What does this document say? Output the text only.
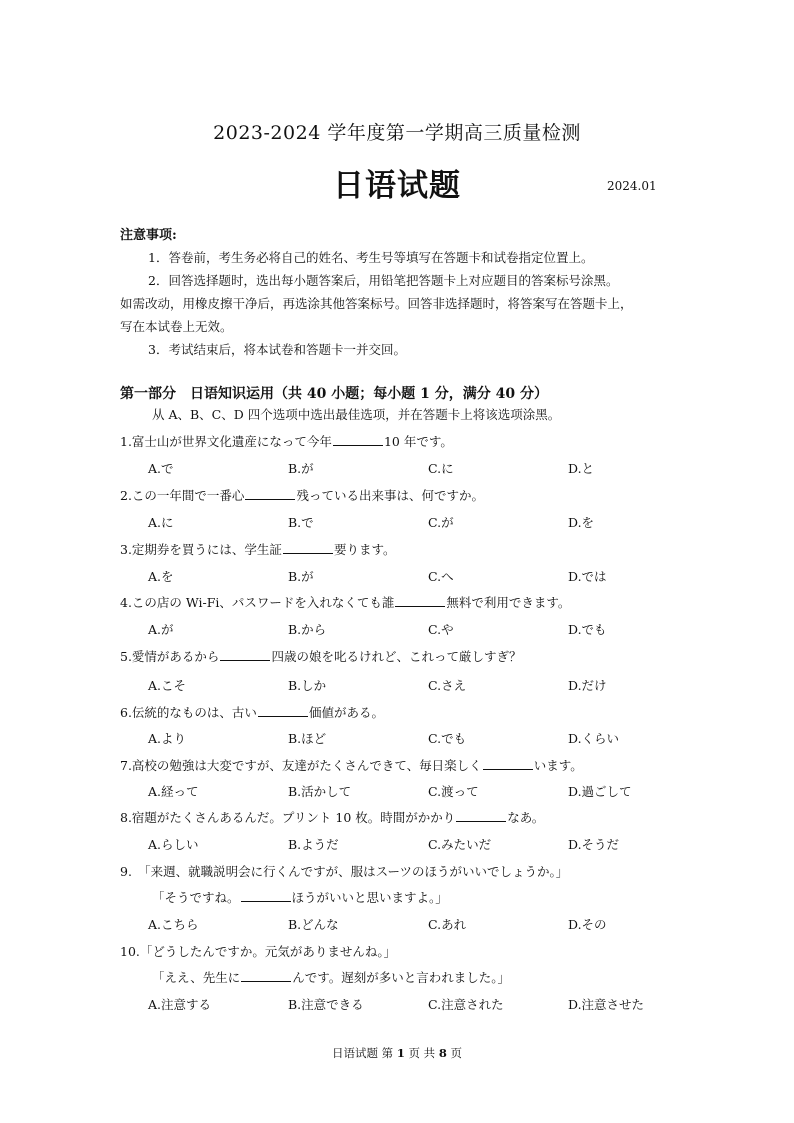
2023-2024 学年度第一学期高三质量检测
日语试题	2024.01
注意事项:
1．答卷前，考生务必将自己的姓名、考生号等填写在答题卡和试卷指定位置上。
2．回答选择题时，选出每小题答案后，用铅笔把答题卡上对应题目的答案标号涂黑。
如需改动，用橡皮擦干净后，再选涂其他答案标号。回答非选择题时，将答案写在答题卡上，
写在本试卷上无效。
3．考试结束后，将本试卷和答题卡一并交回。
第一部分　日语知识运用（共 40 小题；每小题 1 分，满分 40 分）
从 A、B、C、D 四个选项中选出最佳选项，并在答题卡上将该选项涂黑。
1.富士山が世界文化遺産になって今年	10 年です。
A.で	B.が	C.に	D.と
2.この一年間で一番心	残っている出来事は、何ですか。
A.に	B.で	C.が	D.を
3.定期券を買うには、学生証	要ります。
A.を	B.が	C.へ	D.では
4.この店の Wi-Fi、パスワードを入れなくても誰	無料で利用できます。
A.が	B.から	C.や	D.でも
5.愛情があるから	四歳の娘を叱るけれど、これって厳しすぎ？
A.こそ	B.しか	C.さえ	D.だけ
6.伝統的なものは、古い	価値がある。
A.より	B.ほど	C.でも	D.くらい
7.高校の勉強は大変ですが、友達がたくさんできて、毎日楽しく	います。
A.経って	B.活かして	C.渡って	D.過ごして
8.宿題がたくさんあるんだ。プリント 10 枚。時間がかかり	なあ。
A.らしい	B.ようだ	C.みたいだ	D.そうだ
9.　「来週、就職説明会に行くんですが、服はスーツのほうがいいでしょうか。」
「そうですね。	ほうがいいと思いますよ。」
A.こちら	B.どんな	C.あれ	D.その
10.「どうしたんですか。元気がありませんね。」
「ええ、先生に	んです。遅刻が多いと言われました。」
A.注意する	B.注意できる	C.注意された	D.注意させた
日语试题 第 1 页 共 8 页
